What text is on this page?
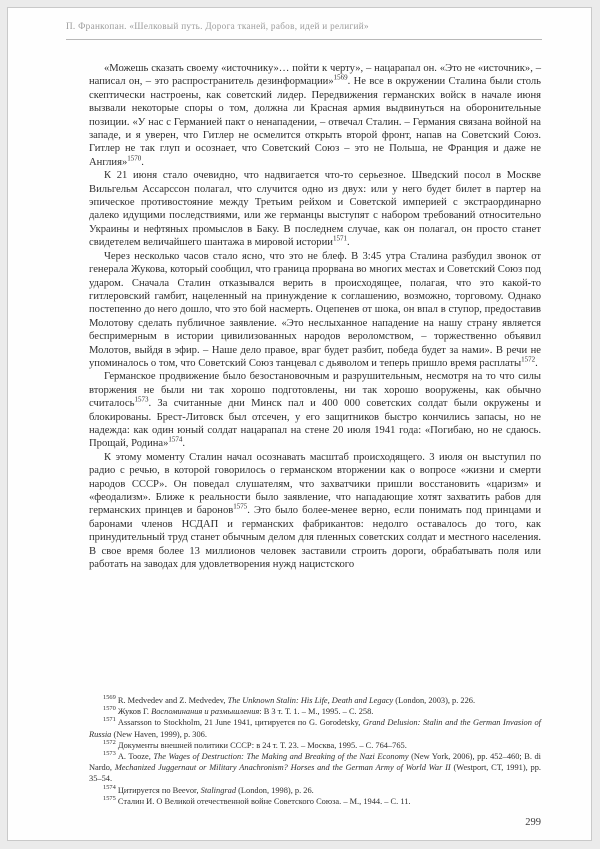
П. Франкопан. «Шелковый путь. Дорога тканей, рабов, идей и религий»

«Можешь сказать своему «источнику»… пойти к черту», – нацарапал он. «Это не «источник», – написал он, – это распространитель дезинформации»$^{1569}$. Не все в окружении Сталина были столь скептически настроены, как советский лидер. Передвижения германских войск в начале июня вызвали некоторые споры о том, должна ли Красная армия выдвинуться на оборонительные позиции. «У нас с Германией пакт о ненападении, – отвечал Сталин. – Германия связана войной на западе, и я уверен, что Гитлер не осмелится открыть второй фронт, напав на Советский Союз. Гитлер не так глуп и осознает, что Советский Союз – это не Польша, не Франция и даже не Англия»$^{1570}$.

К 21 июня стало очевидно, что надвигается что-то серьезное. Шведский посол в Москве Вильгельм Ассарссон полагал, что случится одно из двух: или у него будет билет в партер на эпическое противостояние между Третьим рейхом и Советской империей с экстраординарно далеко идущими последствиями, или же германцы выступят с набором требований относительно Украины и нефтяных промыслов в Баку. В последнем случае, как он полагал, он просто станет свидетелем величайшего шантажа в мировой истории$^{1571}$.

Через несколько часов стало ясно, что это не блеф. В 3:45 утра Сталина разбудил звонок от генерала Жукова, который сообщил, что граница прорвана во многих местах и Советский Союз под ударом. Сначала Сталин отказывался верить в происходящее, полагая, что это какой-то гитлеровский гамбит, нацеленный на принуждение к соглашению, возможно, торговому. Однако постепенно до него дошло, что это бой насмерть. Оцепенев от шока, он впал в ступор, предоставив Молотову сделать публичное заявление. «Это неслыханное нападение на нашу страну является беспримерным в истории цивилизованных народов вероломством, – торжественно объявил Молотов, выйдя в эфир. – Наше дело правое, враг будет разбит, победа будет за нами». В речи не упоминалось о том, что Советский Союз танцевал с дьяволом и теперь пришло время расплаты$^{1572}$.

Германское продвижение было безостановочным и разрушительным, несмотря на то что силы вторжения не были ни так хорошо подготовлены, ни так хорошо вооружены, как обычно считалось$^{1573}$. За считанные дни Минск пал и 400 000 советских солдат были окружены и блокированы. Брест-Литовск был отсечен, у его защитников быстро кончились запасы, но не надежда: как один юный солдат нацарапал на стене 20 июля 1941 года: «Погибаю, но не сдаюсь. Прощай, Родина»$^{1574}$.

К этому моменту Сталин начал осознавать масштаб происходящего. 3 июля он выступил по радио с речью, в которой говорилось о германском вторжении как о вопросе «жизни и смерти народов СССР». Он поведал слушателям, что захватчики пришли восстановить «царизм» и «феодализм». Ближе к реальности было заявление, что нападающие хотят захватить рабов для германских принцев и баронов$^{1575}$. Это было более-менее верно, если понимать под принцами и баронами членов НСДАП и германских фабрикантов: недолго оставалось до того, как принудительный труд станет обычным делом для пленных советских солдат и местного населения. В свое время более 13 миллионов человек заставили строить дороги, обрабатывать поля или работать на заводах для удовлетворения нужд нацистского

$^{1569}$ R. Medvedev and Z. Medvedev, The Unknown Stalin: His Life, Death and Legacy (London, 2003), p. 226.
$^{1570}$ Жуков Г. Воспоминания и размышления: В 3 т. Т. 1. – М., 1995. – С. 258.
$^{1571}$ Assarsson to Stockholm, 21 June 1941, цитируется по G. Gorodetsky, Grand Delusion: Stalin and the German Invasion of Russia (New Haven, 1999), p. 306.
$^{1572}$ Документы внешней политики СССР: в 24 т. Т. 23. – Москва, 1995. – С. 764–765.
$^{1573}$ A. Tooze, The Wages of Destruction: The Making and Breaking of the Nazi Economy (New York, 2006), pp. 452–460; B. di Nardo, Mechanized Juggernaut or Military Anachronism? Horses and the German Army of World War II (Westport, CT, 1991), pp. 35–54.
$^{1574}$ Цитируется по Beevor, Stalingrad (London, 1998), p. 26.
$^{1575}$ Сталин И. О Великой отечественной войне Советского Союза. – М., 1944. – С. 11.
299
